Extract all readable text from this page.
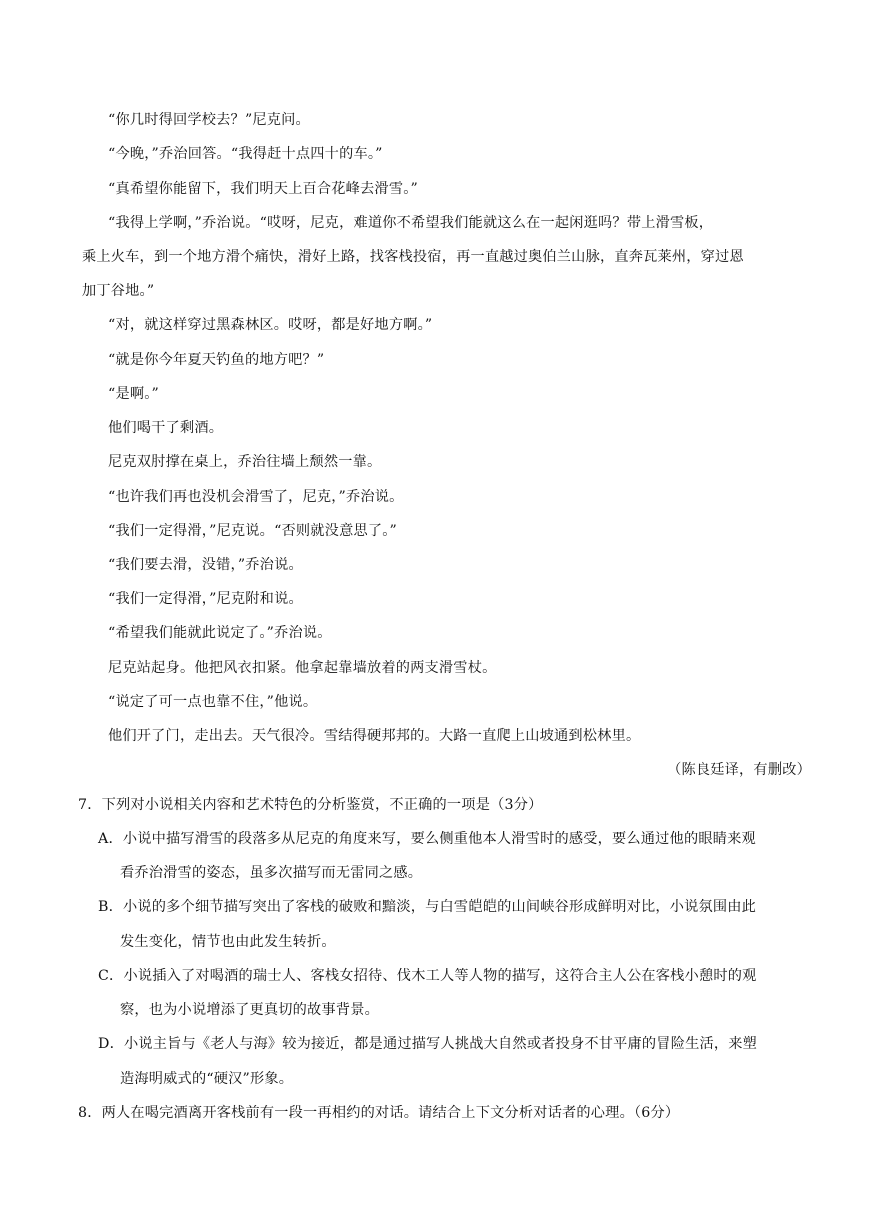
“你几时得回学校去？”尼克问。
“今晚，”乔治回答。“我得赶十点四十的车。”
“真希望你能留下，我们明天上百合花峰去滑雪。”
“我得上学啊，”乔治说。“哎呀，尼克，难道你不希望我们能就这么在一起闲逛吗？带上滑雪板，
乘上火车，到一个地方滑个痛快，滑好上路，找客栈投宿，再一直越过奥伯兰山脉，直奔瓦莱州，穿过恩
加丁谷地。”
“对，就这样穿过黑森林区。哎呀，都是好地方啊。”
“就是你今年夏天钓鱼的地方吧？”
“是啊。”
他们喝干了剩酒。
尼克双肘撑在桌上，乔治往墙上颓然一靠。
“也许我们再也没机会滑雪了，尼克，”乔治说。
“我们一定得滑，”尼克说。“否则就没意思了。”
“我们要去滑，没错，”乔治说。
“我们一定得滑，”尼克附和说。
“希望我们能就此说定了。”乔治说。
尼克站起身。他把风衣扣紧。他拿起靠墙放着的两支滑雪杖。
“说定了可一点也靠不住，”他说。
他们开了门，走出去。天气很冷。雪结得硬邦邦的。大路一直爬上山坡通到松林里。
（陈良廷译，有删改）
7．下列对小说相关内容和艺术特色的分析鉴赏，不正确的一项是（3分）
A．小说中描写滑雪的段落多从尼克的角度来写，要么侧重他本人滑雪时的感受，要么通过他的眼睛来观
看乔治滑雪的姿态，虽多次描写而无雷同之感。
B．小说的多个细节描写突出了客栈的破败和黯淡，与白雪皑皑的山间峡谷形成鲜明对比，小说氛围由此
发生变化，情节也由此发生转折。
C．小说插入了对喝酒的瑞士人、客栈女招待、伐木工人等人物的描写，这符合主人公在客栈小憩时的观
察，也为小说增添了更真切的故事背景。
D．小说主旨与《老人与海》较为接近，都是通过描写人挑战大自然或者投身不甘平庸的冒险生活，来塑
造海明威式的“硬汉”形象。
8．两人在喝完酒离开客栈前有一段一再相约的对话。请结合上下文分析对话者的心理。（6分）
